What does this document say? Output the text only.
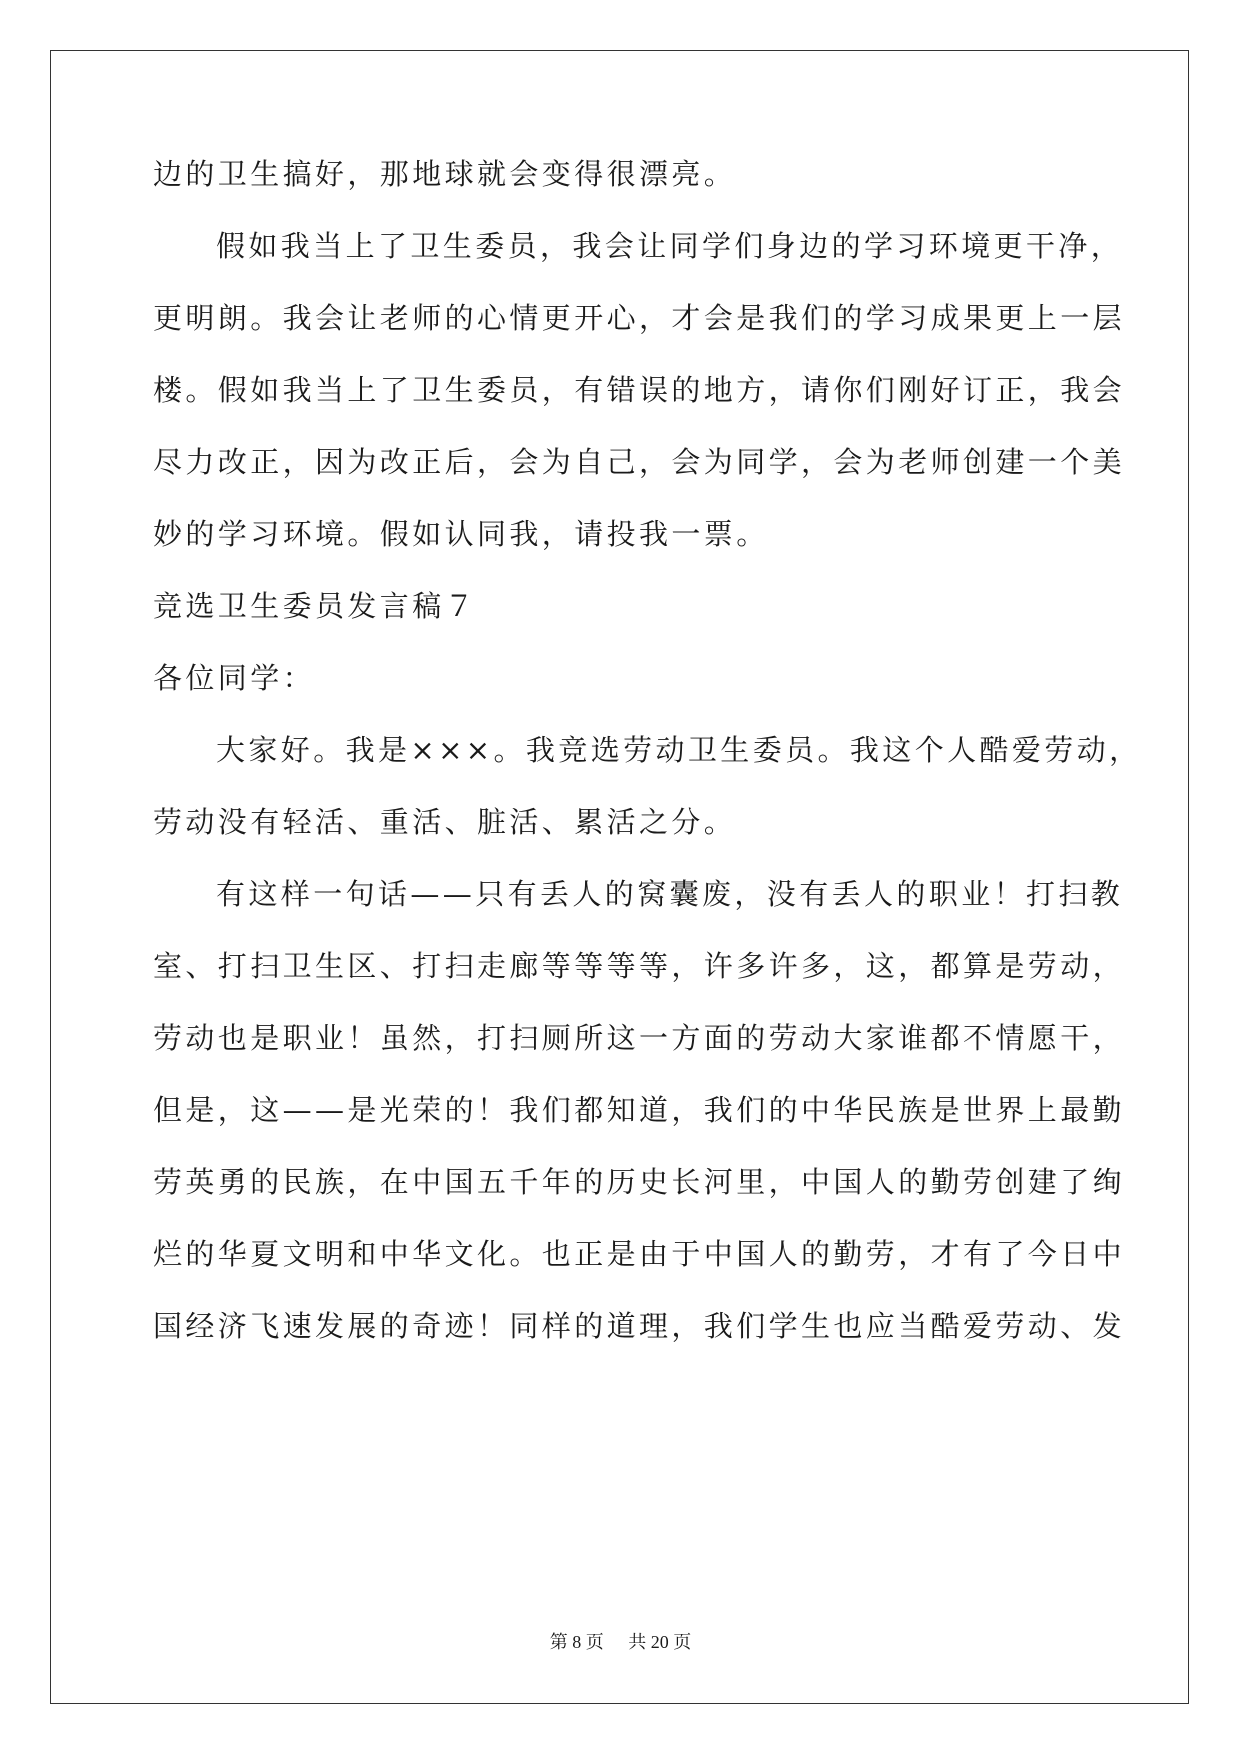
边的卫生搞好，那地球就会变得很漂亮。
假如我当上了卫生委员，我会让同学们身边的学习环境更干净，
更明朗。我会让老师的心情更开心，才会是我们的学习成果更上一层
楼。假如我当上了卫生委员，有错误的地方，请你们刚好订正，我会
尽力改正，因为改正后，会为自己，会为同学，会为老师创建一个美
妙的学习环境。假如认同我，请投我一票。
竞选卫生委员发言稿７
各位同学：
大家好。我是×××。我竞选劳动卫生委员。我这个人酷爱劳动，
劳动没有轻活、重活、脏活、累活之分。
有这样一句话——只有丢人的窝囊废，没有丢人的职业！打扫教
室、打扫卫生区、打扫走廊等等等等，许多许多，这，都算是劳动，
劳动也是职业！虽然，打扫厕所这一方面的劳动大家谁都不情愿干，
但是，这——是光荣的！我们都知道，我们的中华民族是世界上最勤
劳英勇的民族，在中国五千年的历史长河里，中国人的勤劳创建了绚
烂的华夏文明和中华文化。也正是由于中国人的勤劳，才有了今日中
国经济飞速发展的奇迹！同样的道理，我们学生也应当酷爱劳动、发
第 8 页 共 20 页
